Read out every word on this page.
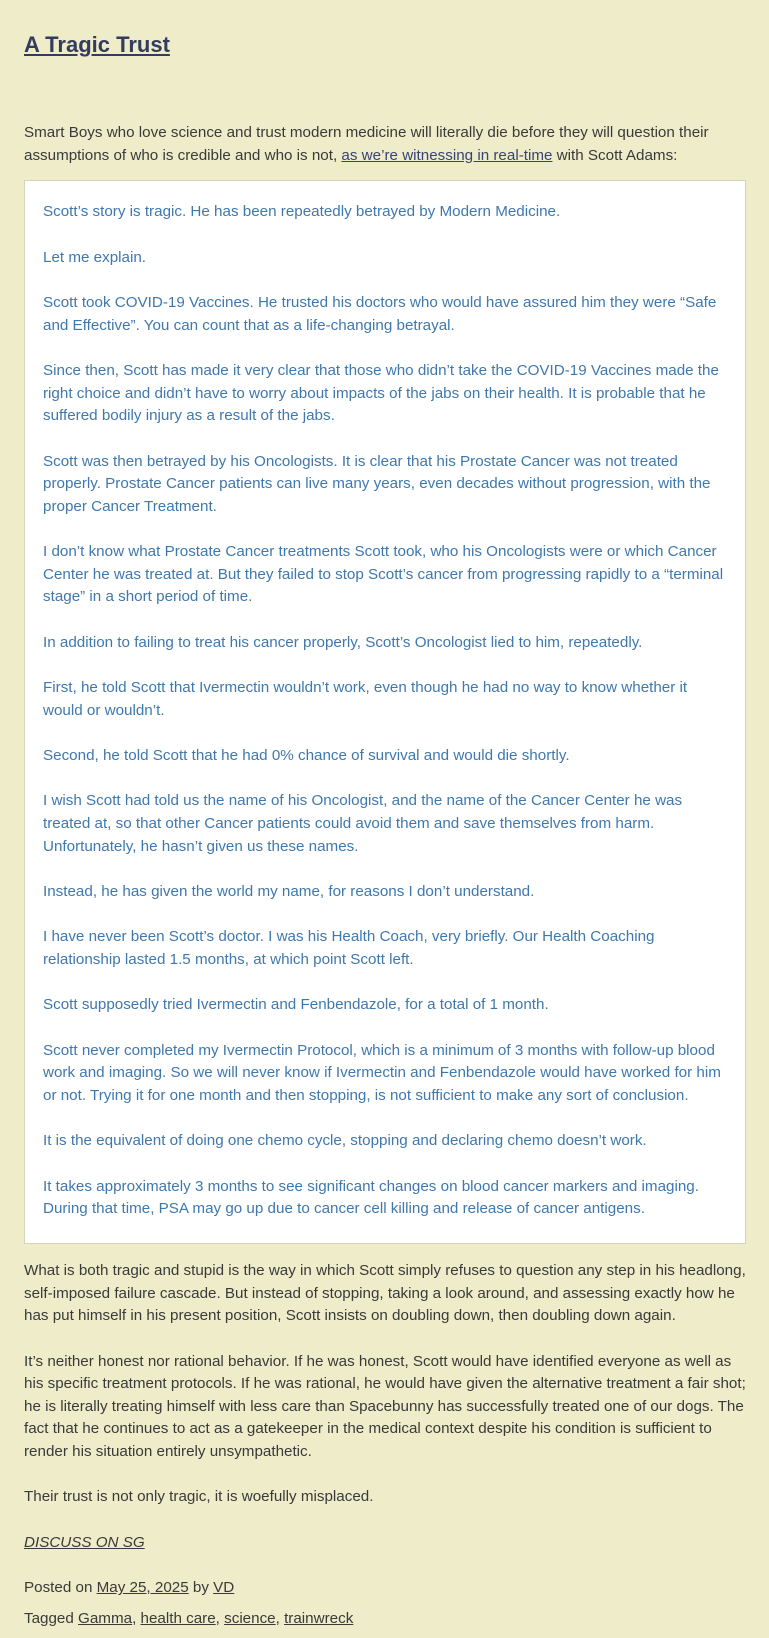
A Tragic Trust

Smart Boys who love science and trust modern medicine will literally die before they will question their assumptions of who is credible and who is not, as we’re witnessing in real-time with Scott Adams:

Scott’s story is tragic. He has been repeatedly betrayed by Modern Medicine.

Let me explain.

Scott took COVID-19 Vaccines. He trusted his doctors who would have assured him they were “Safe and Effective”. You can count that as a life-changing betrayal.

Since then, Scott has made it very clear that those who didn’t take the COVID-19 Vaccines made the right choice and didn’t have to worry about impacts of the jabs on their health. It is probable that he suffered bodily injury as a result of the jabs.

Scott was then betrayed by his Oncologists. It is clear that his Prostate Cancer was not treated properly. Prostate Cancer patients can live many years, even decades without progression, with the proper Cancer Treatment.

I don’t know what Prostate Cancer treatments Scott took, who his Oncologists were or which Cancer Center he was treated at. But they failed to stop Scott’s cancer from progressing rapidly to a “terminal stage” in a short period of time.

In addition to failing to treat his cancer properly, Scott’s Oncologist lied to him, repeatedly.

First, he told Scott that Ivermectin wouldn’t work, even though he had no way to know whether it would or wouldn’t.

Second, he told Scott that he had 0% chance of survival and would die shortly.

I wish Scott had told us the name of his Oncologist, and the name of the Cancer Center he was treated at, so that other Cancer patients could avoid them and save themselves from harm. Unfortunately, he hasn’t given us these names.

Instead, he has given the world my name, for reasons I don’t understand.

I have never been Scott’s doctor. I was his Health Coach, very briefly. Our Health Coaching relationship lasted 1.5 months, at which point Scott left.

Scott supposedly tried Ivermectin and Fenbendazole, for a total of 1 month.

Scott never completed my Ivermectin Protocol, which is a minimum of 3 months with follow-up blood work and imaging. So we will never know if Ivermectin and Fenbendazole would have worked for him or not. Trying it for one month and then stopping, is not sufficient to make any sort of conclusion.

It is the equivalent of doing one chemo cycle, stopping and declaring chemo doesn’t work.

It takes approximately 3 months to see significant changes on blood cancer markers and imaging. During that time, PSA may go up due to cancer cell killing and release of cancer antigens.

What is both tragic and stupid is the way in which Scott simply refuses to question any step in his headlong, self-imposed failure cascade. But instead of stopping, taking a look around, and assessing exactly how he has put himself in his present position, Scott insists on doubling down, then doubling down again.

It’s neither honest nor rational behavior. If he was honest, Scott would have identified everyone as well as his specific treatment protocols. If he was rational, he would have given the alternative treatment a fair shot; he is literally treating himself with less care than Spacebunny has successfully treated one of our dogs. The fact that he continues to act as a gatekeeper in the medical context despite his condition is sufficient to render his situation entirely unsympathetic.

Their trust is not only tragic, it is woefully misplaced.

DISCUSS ON SG

Posted on May 25, 2025 by VD

Tagged Gamma, health care, science, trainwreck
